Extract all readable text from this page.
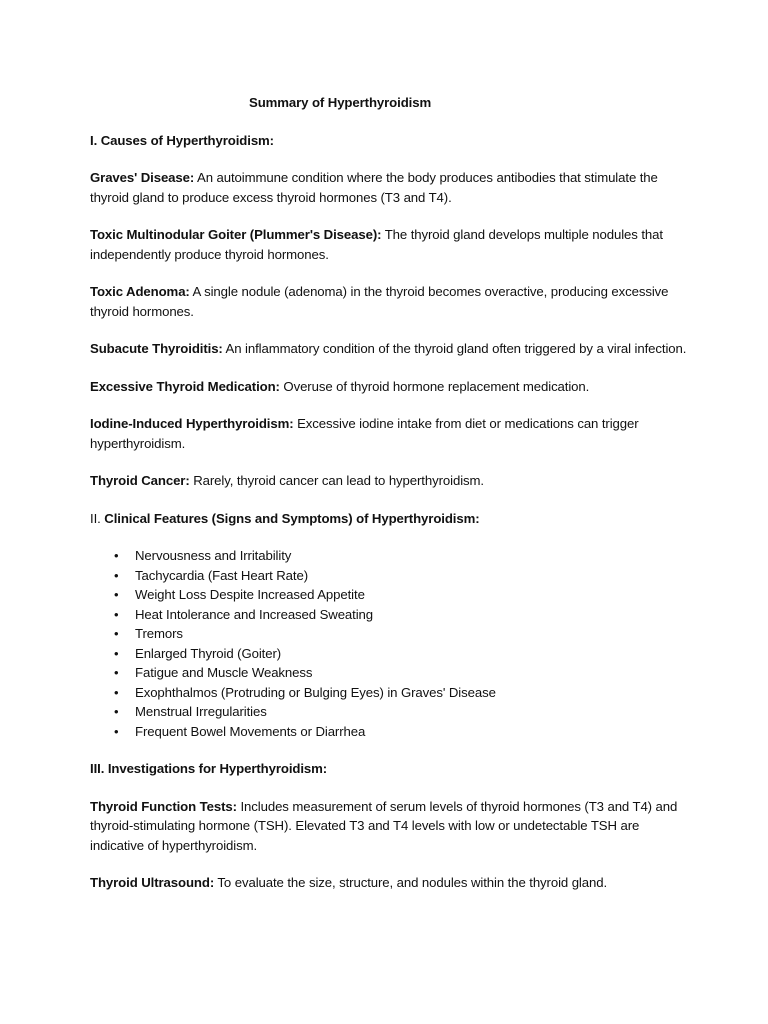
Summary of Hyperthyroidism
I. Causes of Hyperthyroidism:

Graves' Disease: An autoimmune condition where the body produces antibodies that stimulate the thyroid gland to produce excess thyroid hormones (T3 and T4).

Toxic Multinodular Goiter (Plummer's Disease): The thyroid gland develops multiple nodules that independently produce thyroid hormones.

Toxic Adenoma: A single nodule (adenoma) in the thyroid becomes overactive, producing excessive thyroid hormones.

Subacute Thyroiditis: An inflammatory condition of the thyroid gland often triggered by a viral infection.

Excessive Thyroid Medication: Overuse of thyroid hormone replacement medication.

Iodine-Induced Hyperthyroidism: Excessive iodine intake from diet or medications can trigger hyperthyroidism.

Thyroid Cancer: Rarely, thyroid cancer can lead to hyperthyroidism.

II. Clinical Features (Signs and Symptoms) of Hyperthyroidism:
• Nervousness and Irritability
• Tachycardia (Fast Heart Rate)
• Weight Loss Despite Increased Appetite
• Heat Intolerance and Increased Sweating
• Tremors
• Enlarged Thyroid (Goiter)
• Fatigue and Muscle Weakness
• Exophthalmos (Protruding or Bulging Eyes) in Graves' Disease
• Menstrual Irregularities
• Frequent Bowel Movements or Diarrhea
III. Investigations for Hyperthyroidism:

Thyroid Function Tests: Includes measurement of serum levels of thyroid hormones (T3 and T4) and thyroid-stimulating hormone (TSH). Elevated T3 and T4 levels with low or undetectable TSH are indicative of hyperthyroidism.

Thyroid Ultrasound: To evaluate the size, structure, and nodules within the thyroid gland.
